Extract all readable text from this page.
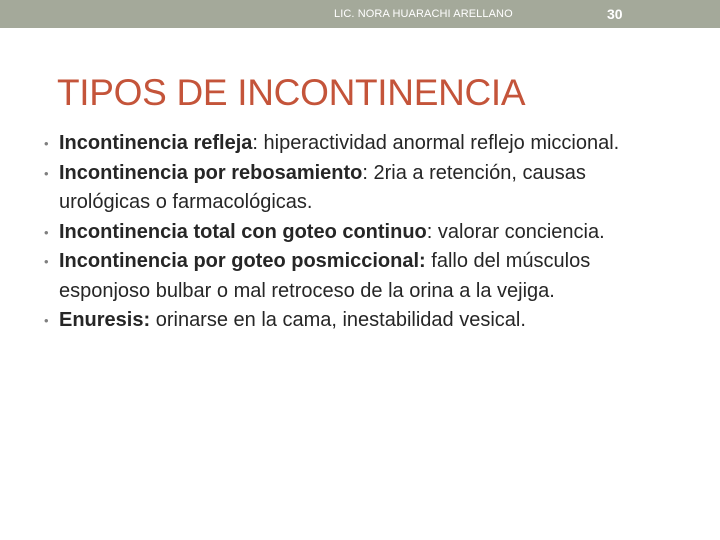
LIC. NORA HUARACHI ARELLANO	30
TIPOS DE INCONTINENCIA
• Incontinencia refleja: hiperactividad anormal reflejo miccional.
• Incontinencia por rebosamiento: 2ria a retención, causas urológicas o farmacológicas.
• Incontinencia total con goteo continuo: valorar conciencia.
• Incontinencia por goteo posmiccional: fallo del músculos esponjoso bulbar o mal retroceso de la orina a la vejiga.
• Enuresis: orinarse en la cama, inestabilidad vesical.
